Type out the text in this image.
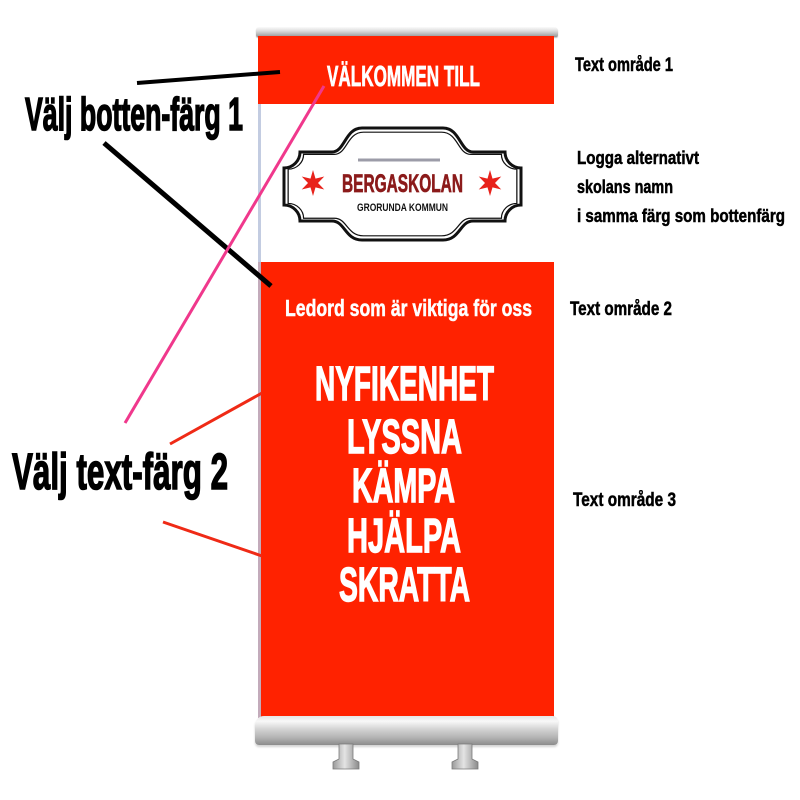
VÄLKOMMEN TILL
BERGASKOLAN
GRORUNDA KOMMUN
Ledord som är viktiga för oss
NYFIKENHET
LYSSNA
KÄMPA
HJÄLPA
SKRATTA
Välj botten-färg 1
Välj text-färg 2
Text område 1
Logga alternativt
skolans namn
i samma färg som bottenfärg
Text område 2
Text område 3
